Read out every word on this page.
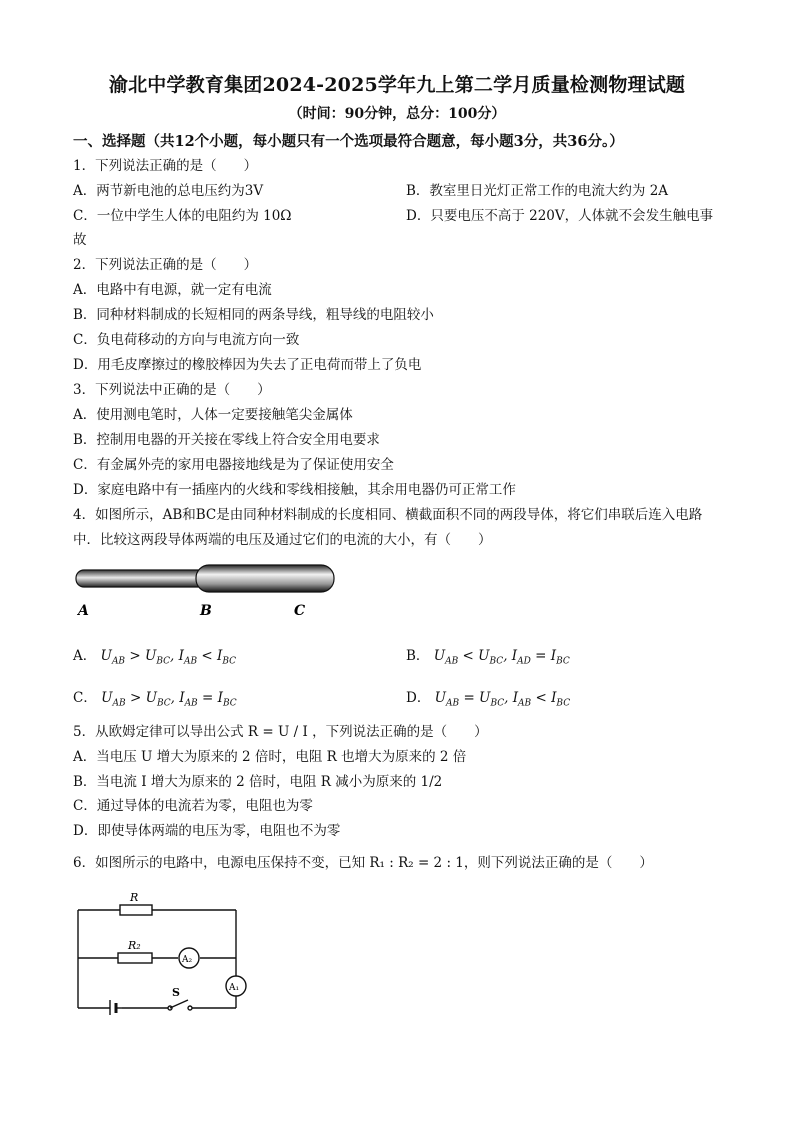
渝北中学教育集团2024-2025学年九上第二学月质量检测物理试题
（时间：90分钟，总分：100分）
一、选择题（共12个小题，每小题只有一个选项最符合题意，每小题3分，共36分。）
1．下列说法正确的是（　　）
A．两节新电池的总电压约为3V	B．教室里日光灯正常工作的电流大约为 2A
C．一位中学生人体的电阻约为 10Ω	D．只要电压不高于 220V，人体就不会发生触电事
故
2．下列说法正确的是（　　）
A．电路中有电源，就一定有电流
B．同种材料制成的长短相同的两条导线，粗导线的电阻较小
C．负电荷移动的方向与电流方向一致
D．用毛皮摩擦过的橡胶棒因为失去了正电荷而带上了负电
3．下列说法中正确的是（　　）
A．使用测电笔时，人体一定要接触笔尖金属体
B．控制用电器的开关接在零线上符合安全用电要求
C．有金属外壳的家用电器接地线是为了保证使用安全
D．家庭电路中有一插座内的火线和零线相接触，其余用电器仍可正常工作
4．如图所示，AB和BC是由同种材料制成的长度相同、横截面积不同的两段导体，将它们串联后连入电路
中．比较这两段导体两端的电压及通过它们的电流的大小，有（　　）
A	B	C
A． $U_{AB} > U_{BC}$, $I_{AB} < I_{BC}$	B． $U_{AB} < U_{BC}$, $I_{AD} = I_{BC}$
C． $U_{AB} > U_{BC}$, $I_{AB} = I_{BC}$	D． $U_{AB} = U_{BC}$, $I_{AB} < I_{BC}$
5．从欧姆定律可以导出公式 R = U / I ，下列说法正确的是（　　）
A．当电压 U 增大为原来的 2 倍时，电阻 R 也增大为原来的 2 倍
B．当电流 I 增大为原来的 2 倍时，电阻 R 减小为原来的 1/2
C．通过导体的电流若为零，电阻也为零
D．即使导体两端的电压为零，电阻也不为零
6．如图所示的电路中，电源电压保持不变，已知 R₁ : R₂ = 2 : 1，则下列说法正确的是（　　）
R
R₂
A₂
A₁
S
